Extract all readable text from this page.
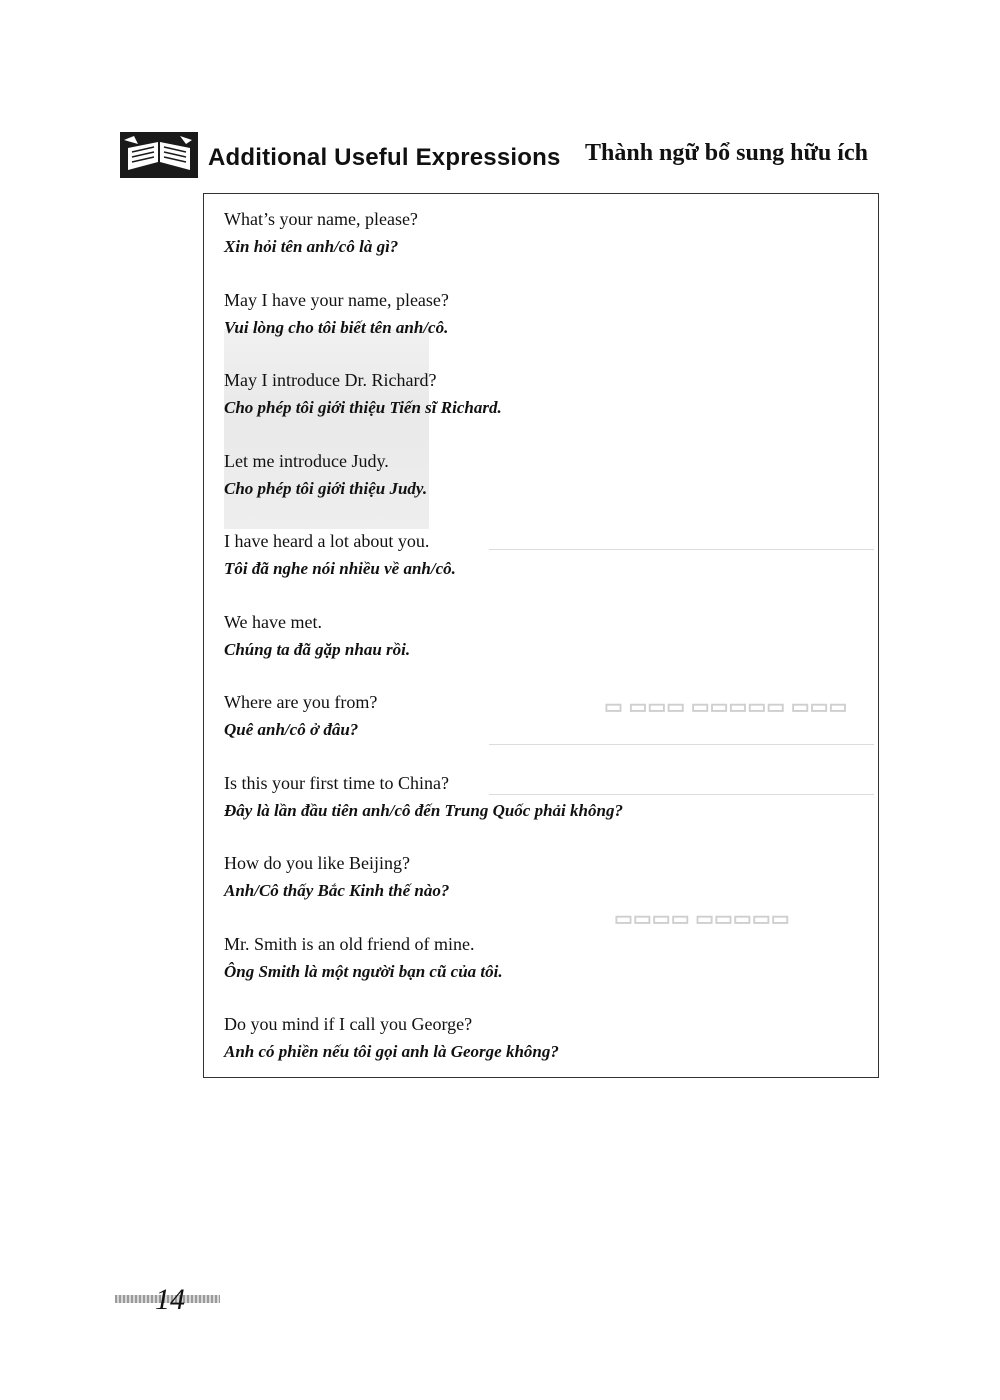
Additional Useful Expressions Thành ngữ bổ sung hữu ích
▭ ▭▭▭ ▭▭▭▭▭ ▭▭▭
▭▭▭▭ ▭▭▭▭▭
What’s your name, please?
Xin hỏi tên anh/cô là gì?
May I have your name, please?
Vui lòng cho tôi biết tên anh/cô.
May I introduce Dr. Richard?
Cho phép tôi giới thiệu Tiến sĩ Richard.
Let me introduce Judy.
Cho phép tôi giới thiệu Judy.
I have heard a lot about you.
Tôi đã nghe nói nhiều về anh/cô.
We have met.
Chúng ta đã gặp nhau rồi.
Where are you from?
Quê anh/cô ở đâu?
Is this your first time to China?
Đây là lần đầu tiên anh/cô đến Trung Quốc phải không?
How do you like Beijing?
Anh/Cô thấy Bắc Kinh thế nào?
Mr. Smith is an old friend of mine.
Ông Smith là một người bạn cũ của tôi.
Do you mind if I call you George?
Anh có phiền nếu tôi gọi anh là George không?
14
